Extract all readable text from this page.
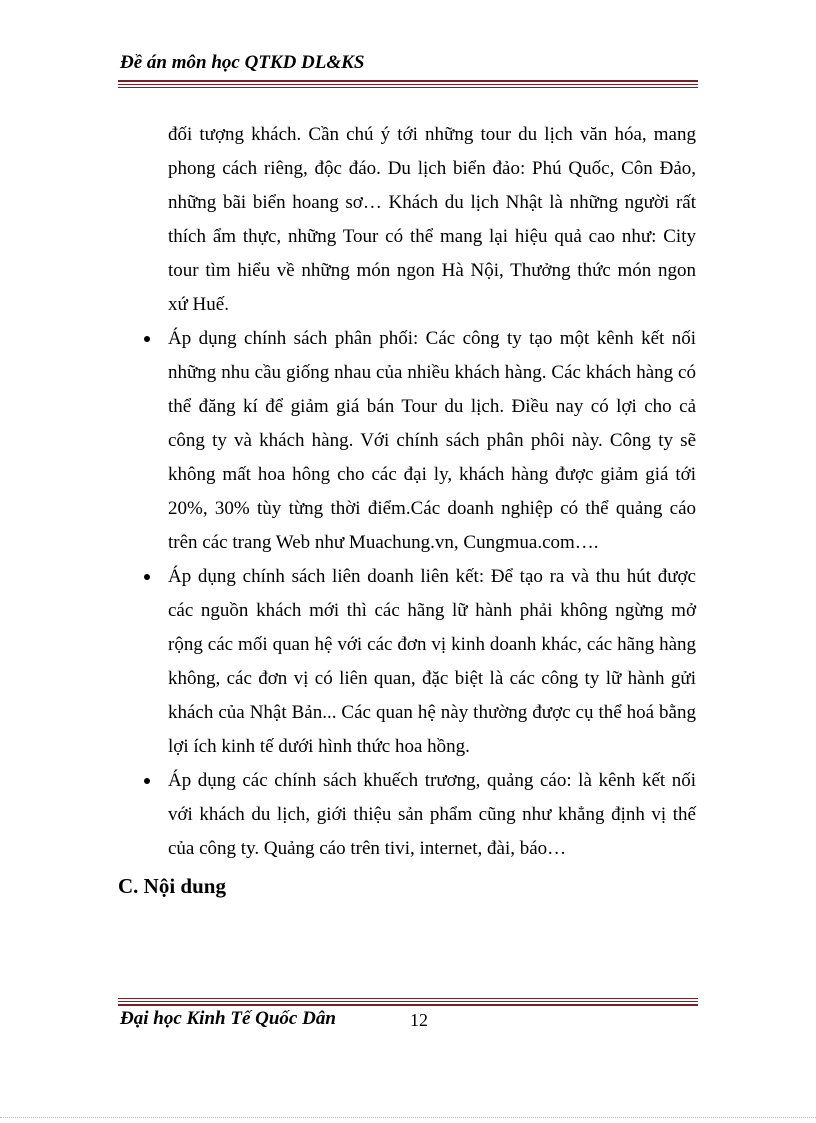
Đề án môn học QTKD DL&KS

đối tượng khách. Cần chú ý tới những tour du lịch văn hóa, mang phong cách riêng, độc đáo. Du lịch biển đảo: Phú Quốc, Côn Đảo, những bãi biển hoang sơ… Khách du lịch Nhật là những người rất thích ẩm thực, những Tour có thể mang lại hiệu quả cao như: City tour tìm hiểu về những món ngon Hà Nội, Thưởng thức món ngon xứ Huế.

Áp dụng chính sách phân phối: Các công ty tạo một kênh kết nối những nhu cầu giống nhau của nhiều khách hàng. Các khách hàng có thể đăng kí để giảm giá bán Tour du lịch. Điều nay có lợi cho cả công ty và khách hàng. Với chính sách phân phôi này. Công ty sẽ không mất hoa hông cho các đại ly, khách hàng được giảm giá tới 20%, 30% tùy từng thời điểm.Các doanh nghiệp có thể quảng cáo trên các trang Web như Muachung.vn, Cungmua.com….
Áp dụng chính sách liên doanh liên kết: Để tạo ra và thu hút được các nguồn khách mới thì các hãng lữ hành phải không ngừng mở rộng các mối quan hệ với các đơn vị kinh doanh khác, các hãng hàng không, các đơn vị có liên quan, đặc biệt là các công ty lữ hành gửi khách của Nhật Bản... Các quan hệ này thường được cụ thể hoá bằng lợi ích kinh tế dưới hình thức hoa hồng.
Áp dụng các chính sách khuếch trương, quảng cáo: là kênh kết nối với khách du lịch, giới thiệu sản phẩm cũng như khẳng định vị thế của công ty. Quảng cáo trên tivi, internet, đài, báo…
C. Nội dung
Đại học Kinh Tế Quốc Dân	12
